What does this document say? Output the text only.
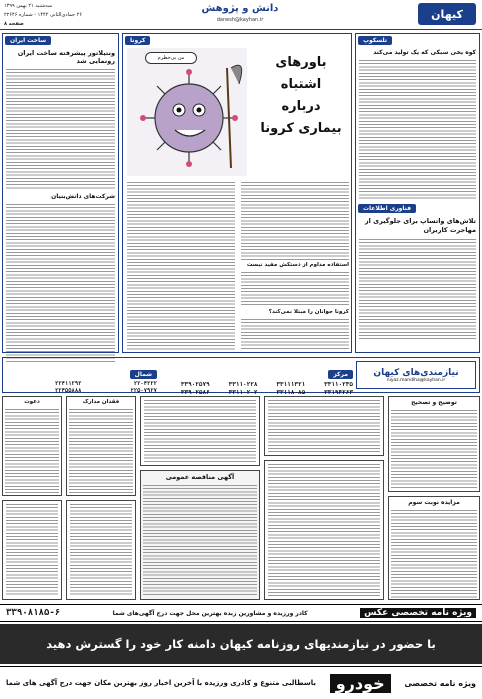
کیهان
دانش و پژوهش
danesh@kayhan.ir
سه‌شنبه ۲۱ بهمن ۱۳۹۹
۲۶ جمادی‌الثانی ۱۴۴۲ - شماره ۲۲۶۴۶
صفحه ۸
ساخت ایران
ونتیلاتور پیشرفته ساخت ایران رونمایی شد
شرکت‌های دانش‌بنیان
کرونا
من بی‌خطرم	باورهای اشتباه
درباره
بیماری کرونا
استفاده مداوم از دستکش مفید نیست
کرونا جوانان را مبتلا نمی‌کند؟
تلسکوپ
کوه یخی سبکی که یک تولید می‌کند
فناوری اطلاعات
تلاش‌های واتساپ برای جلوگیری از مهاجرت کاربران
نیازمندی‌های کیهان
niyaz.mandiha@kayhan.ir
مرکز
۳۳۱۱۰۲۳۵
۳۳۱۱۱۳۲۱
۳۳۱۱۰۲۲۸
۳۳۹۰۲۵۷۹
۳۳۱۹۴۲۶۳
۳۳۱۱۸۰۸۵
۳۳۱۱۰۲۰۲
۳۳۹۰۲۵۸۶
شمال
۲۲۰۴۲۲۲
۲۲۴۱۱۲۹۲
۲۲۵۰۷۹۲۷
۲۲۴۵۵۸۸۸
توضیح و تصحیح
مزایده نوبت سوم
آگهی مناقصه عمومی
فقدان مدارک
دعوت
ویژه نامه تخصصی عکس
کادر ورزیده و مشاورین زبده بهترین محل جهت درج آگهی‌های شما
۳۳۹۰۸۱۸۵-۶
با حضور در نیازمندیهای روزنامه کیهان دامنه کار خود را گسترش دهید
ویژه نامه تخصصی
خودرو
باسطالبی متنوع و کادری ورزیده با آخرین اخبار روز بهترین مکان جهت درج آگهی های شما
